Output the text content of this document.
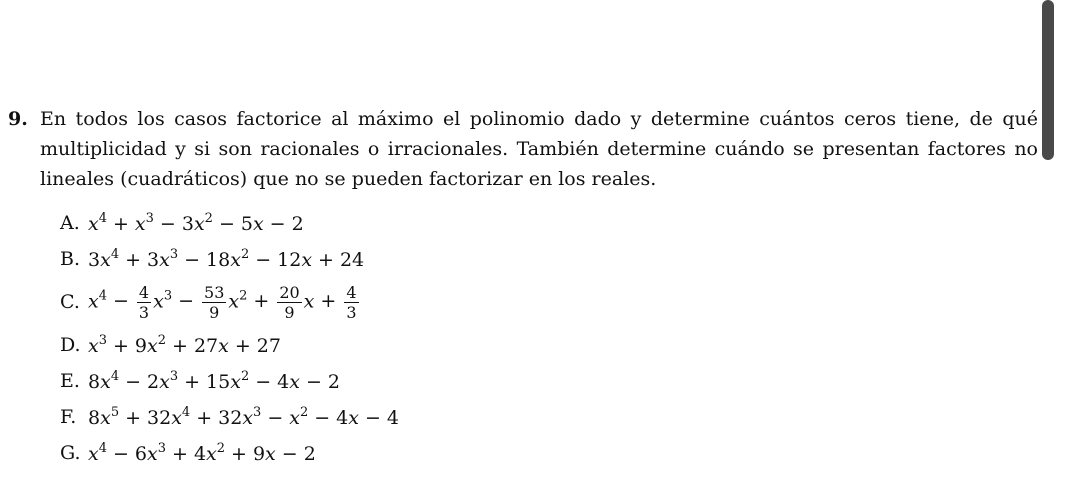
9. En todos los casos factorice al máximo el polinomio dado y determine cuántos ceros tiene, de qué multiplicidad y si son racionales o irracionales. También determine cuándo se presentan factores no lineales (cuadráticos) que no se pueden factorizar en los reales.
A. $x^4 + x^3 - 3x^2 - 5x - 2$
B. $3x^4 + 3x^3 - 18x^2 - 12x + 24$
C. $x^4 - \frac{4}{3} x^3 - \frac{53}{9} x^2 + \frac{20}{9}$ $x + \frac{4}{3}$
D. $x^3 + 9x^2 + 27x + 27$
E. $8x^4 - 2x^3 + 15x^2 - 4x - 2$
F. $8x^5 + 32x^4 + 32x^3 - x^2 - 4x - 4$
G. $x^4 - 6x^3 + 4x^2 + 9x - 2$
